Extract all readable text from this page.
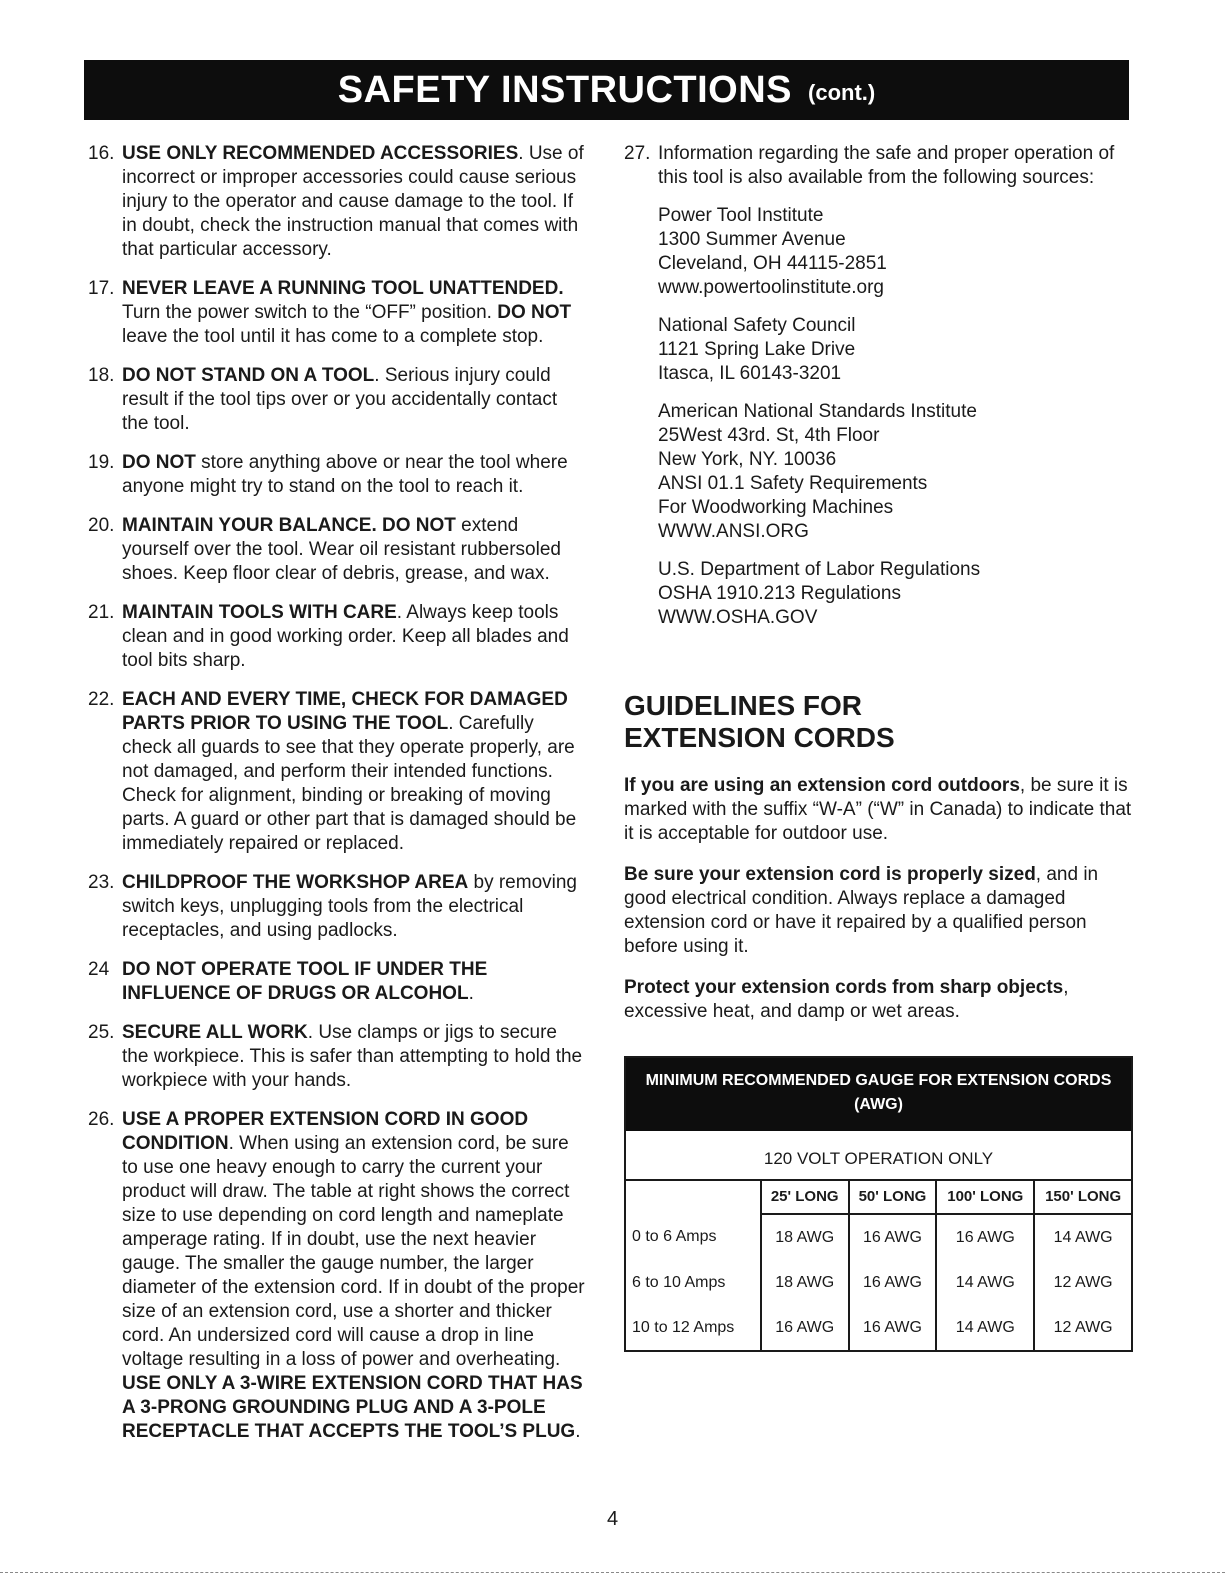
SAFETY INSTRUCTIONS (cont.)
16. USE ONLY RECOMMENDED ACCESSORIES. Use of incorrect or improper accessories could cause serious injury to the operator and cause damage to the tool. If in doubt, check the instruction manual that comes with that particular accessory.
17. NEVER LEAVE A RUNNING TOOL UNATTENDED. Turn the power switch to the “OFF” position. DO NOT leave the tool until it has come to a complete stop.
18. DO NOT STAND ON A TOOL. Serious injury could result if the tool tips over or you accidentally contact the tool.
19. DO NOT store anything above or near the tool where anyone might try to stand on the tool to reach it.
20. MAINTAIN YOUR BALANCE. DO NOT extend yourself over the tool. Wear oil resistant rubbersoled shoes. Keep floor clear of debris, grease, and wax.
21. MAINTAIN TOOLS WITH CARE. Always keep tools clean and in good working order. Keep all blades and tool bits sharp.
22. EACH AND EVERY TIME, CHECK FOR DAMAGED PARTS PRIOR TO USING THE TOOL. Carefully check all guards to see that they operate properly, are not damaged, and perform their intended functions. Check for alignment, binding or breaking of moving parts. A guard or other part that is damaged should be immediately repaired or replaced.
23. CHILDPROOF THE WORKSHOP AREA by removing switch keys, unplugging tools from the electrical receptacles, and using padlocks.
24 DO NOT OPERATE TOOL IF UNDER THE INFLUENCE OF DRUGS OR ALCOHOL.
25. SECURE ALL WORK. Use clamps or jigs to secure the workpiece. This is safer than attempting to hold the workpiece with your hands.
26. USE A PROPER EXTENSION CORD IN GOOD CONDITION. When using an extension cord, be sure to use one heavy enough to carry the current your product will draw. The table at right shows the correct size to use depending on cord length and nameplate amperage rating. If in doubt, use the next heavier gauge. The smaller the gauge number, the larger diameter of the extension cord. If in doubt of the proper size of an extension cord, use a shorter and thicker cord. An undersized cord will cause a drop in line voltage resulting in a loss of power and overheating. USE ONLY A 3-WIRE EXTENSION CORD THAT HAS A 3-PRONG GROUNDING PLUG AND A 3-POLE RECEPTACLE THAT ACCEPTS THE TOOL’S PLUG.
27. Information regarding the safe and proper operation of this tool is also available from the following sources:

Power Tool Institute
1300 Summer Avenue
Cleveland, OH 44115-2851
www.powertoolinstitute.org
National Safety Council
1121 Spring Lake Drive
Itasca, IL 60143-3201
American National Standards Institute
25West 43rd. St, 4th Floor
New York, NY. 10036
ANSI 01.1 Safety Requirements
For Woodworking Machines
WWW.ANSI.ORG
U.S. Department of Labor Regulations
OSHA 1910.213 Regulations
WWW.OSHA.GOV
GUIDELINES FOR
EXTENSION CORDS

If you are using an extension cord outdoors, be sure it is marked with the suffix “W-A” (“W” in Canada) to indicate that it is acceptable for outdoor use.

Be sure your extension cord is properly sized, and in good electrical condition. Always replace a damaged extension cord or have it repaired by a qualified person before using it.

Protect your extension cords from sharp objects, excessive heat, and damp or wet areas.

MINIMUM RECOMMENDED GAUGE FOR EXTENSION CORDS (AWG)
120 VOLT OPERATION ONLY
	25' LONG	50' LONG	100' LONG	150' LONG
0 to 6 Amps	18 AWG	16 AWG	16 AWG	14 AWG
6 to 10 Amps	18 AWG	16 AWG	14 AWG	12 AWG
10 to 12 Amps	16 AWG	16 AWG	14 AWG	12 AWG
4
